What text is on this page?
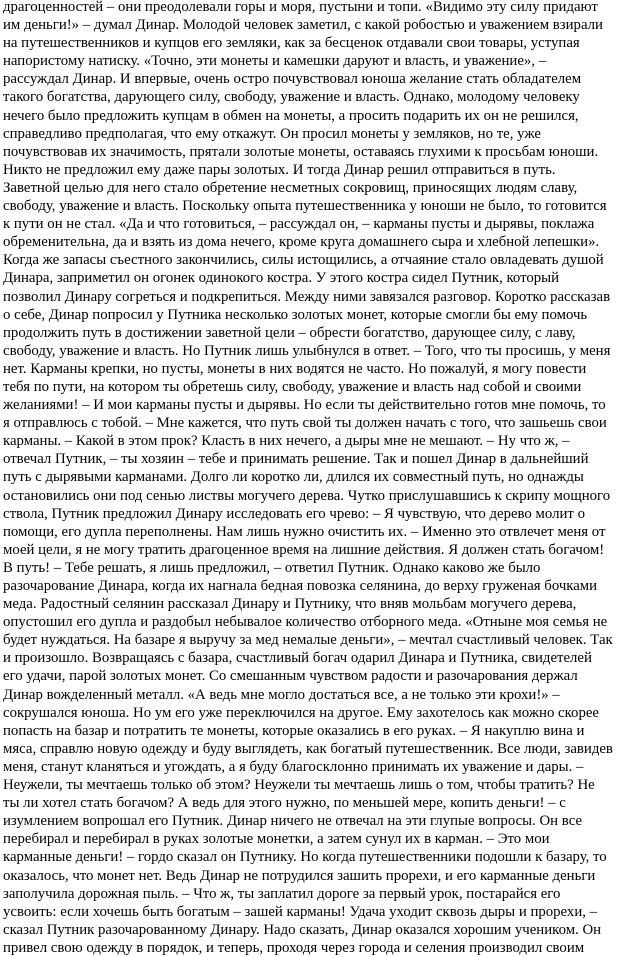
драгоценностей – они преодолевали горы и моря, пустыни и топи. «Видимо эту силу придают
им деньги!» – думал Динар. Молодой человек заметил, с какой робостью и уважением взирали
на путешественников и купцов его земляки, как за бесценок отдавали свои товары, уступая
напористому натиску. «Точно, эти монеты и камешки даруют и власть, и уважение», –
рассуждал Динар. И впервые, очень остро почувствовал юноша желание стать обладателем
такого богатства, дарующего силу, свободу, уважение и власть. Однако, молодому человеку
нечего было предложить купцам в обмен на монеты, а просить подарить их он не решился,
справедливо предполагая, что ему откажут. Он просил монеты у земляков, но те, уже
почувствовав их значимость, прятали золотые монеты, оставаясь глухими к просьбам юноши.
Никто не предложил ему даже пары золотых. И тогда Динар решил отправиться в путь.
Заветной целью для него стало обретение несметных сокровищ, приносящих людям славу,
свободу, уважение и власть. Поскольку опыта путешественника у юноши не было, то готовится
к пути он не стал. «Да и что готовиться, – рассуждал он, – карманы пусты и дырявы, поклажа
обременительна, да и взять из дома нечего, кроме круга домашнего сыра и хлебной лепешки».
Когда же запасы съестного закончились, силы истощились, а отчаяние стало овладевать душой
Динара, заприметил он огонек одинокого костра. У этого костра сидел Путник, который
позволил Динару согреться и подкрепиться. Между ними завязался разговор. Коротко рассказав
о себе, Динар попросил у Путника несколько золотых монет, которые смогли бы ему помочь
продолжить путь в достижении заветной цели – обрести богатство, дарующее силу, с лаву,
свободу, уважение и власть. Но Путник лишь улыбнулся в ответ. – Того, что ты просишь, у меня
нет. Карманы крепки, но пусты, монеты в них водятся не часто. Но пожалуй, я могу повести
тебя по пути, на котором ты обретешь силу, свободу, уважение и власть над собой и своими
желаниями! – И мои карманы пусты и дырявы. Но если ты действительно готов мне помочь, то
я отправлюсь с тобой. – Мне кажется, что путь свой ты должен начать с того, что зашьешь свои
карманы. – Какой в этом прок? Класть в них нечего, а дыры мне не мешают. – Ну что ж, –
отвечал Путник, – ты хозяин – тебе и принимать решение. Так и пошел Динар в дальнейший
путь с дырявыми карманами. Долго ли коротко ли, длился их совместный путь, но однажды
остановились они под сенью листвы могучего дерева. Чутко прислушавшись к скрипу мощного
ствола, Путник предложил Динару исследовать его чрево: – Я чувствую, что дерево молит о
помощи, его дупла переполнены. Нам лишь нужно очистить их. – Именно это отвлечет меня от
моей цели, я не могу тратить драгоценное время на лишние действия. Я должен стать богачом!
В путь! – Тебе решать, я лишь предложил, – ответил Путник. Однако каково же было
разочарование Динара, когда их нагнала бедная повозка селянина, до верху груженая бочками
меда. Радостный селянин рассказал Динару и Путнику, что вняв мольбам могучего дерева,
опустошил его дупла и раздобыл небывалое количество отборного меда. «Отныне моя семья не
будет нуждаться. На базаре я выручу за мед немалые деньги», – мечтал счастливый человек. Так
и произошло. Возвращаясь с базара, счастливый богач одарил Динара и Путника, свидетелей
его удачи, парой золотых монет. Со смешанным чувством радости и разочарования держал
Динар вожделенный металл. «А ведь мне могло достаться все, а не только эти крохи!» –
сокрушался юноша. Но ум его уже переключился на другое. Ему захотелось как можно скорее
попасть на базар и потратить те монеты, которые оказались в его руках. – Я накуплю вина и
мяса, справлю новую одежду и буду выглядеть, как богатый путешественник. Все люди, завидев
меня, станут кланяться и угождать, а я буду благосклонно принимать их уважение и дары. –
Неужели, ты мечтаешь только об этом? Неужели ты мечтаешь лишь о том, чтобы тратить? Не
ты ли хотел стать богачом? А ведь для этого нужно, по меньшей мере, копить деньги! – с
изумлением вопрошал его Путник. Динар ничего не отвечал на эти глупые вопросы. Он все
перебирал и перебирал в руках золотые монетки, а затем сунул их в карман. – Это мои
карманные деньги! – гордо сказал он Путнику. Но когда путешественники подошли к базару, то
оказалось, что монет нет. Ведь Динар не потрудился зашить прорехи, и его карманные деньги
заполучила дорожная пыль. – Что ж, ты заплатил дороге за первый урок, постарайся его
усвоить: если хочешь быть богатым – зашей карманы! Удача уходит сквозь дыры и прорехи, –
сказал Путник разочарованному Динару. Надо сказать, Динар оказался хорошим учеником. Он
привел свою одежду в порядок, и теперь, проходя через города и селения производил своим
